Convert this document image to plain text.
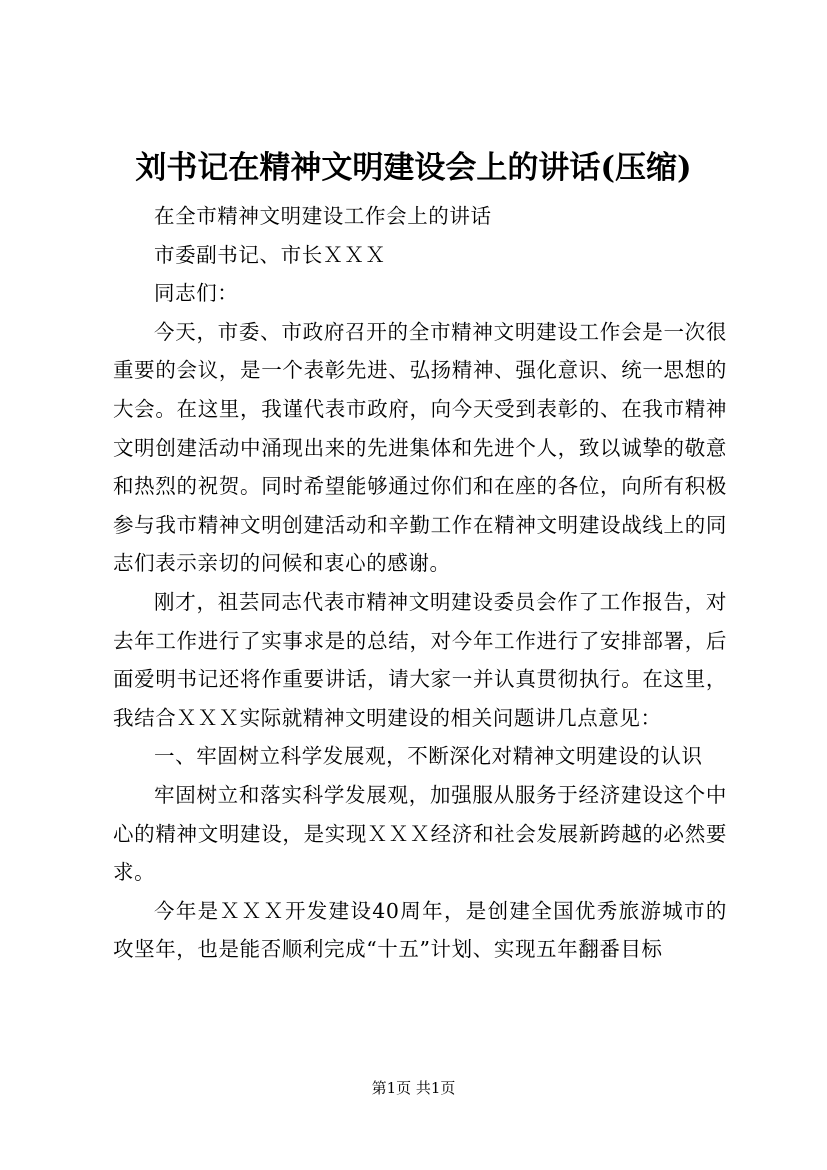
刘书记在精神文明建设会上的讲话(压缩)

在全市精神文明建设工作会上的讲话

市委副书记、市长ＸＸＸ

同志们：

今天，市委、市政府召开的全市精神文明建设工作会是一次很重要的会议，是一个表彰先进、弘扬精神、强化意识、统一思想的大会。在这里，我谨代表市政府，向今天受到表彰的、在我市精神文明创建活动中涌现出来的先进集体和先进个人，致以诚挚的敬意和热烈的祝贺。同时希望能够通过你们和在座的各位，向所有积极参与我市精神文明创建活动和辛勤工作在精神文明建设战线上的同志们表示亲切的问候和衷心的感谢。

刚才，祖芸同志代表市精神文明建设委员会作了工作报告，对去年工作进行了实事求是的总结，对今年工作进行了安排部署，后面爱明书记还将作重要讲话，请大家一并认真贯彻执行。在这里，我结合ＸＸＸ实际就精神文明建设的相关问题讲几点意见：

一、牢固树立科学发展观，不断深化对精神文明建设的认识

牢固树立和落实科学发展观，加强服从服务于经济建设这个中心的精神文明建设，是实现ＸＸＸ经济和社会发展新跨越的必然要求。

今年是ＸＸＸ开发建设40周年，是创建全国优秀旅游城市的攻坚年，也是能否顺利完成“十五”计划、实现五年翻番目标

第1页 共1页
